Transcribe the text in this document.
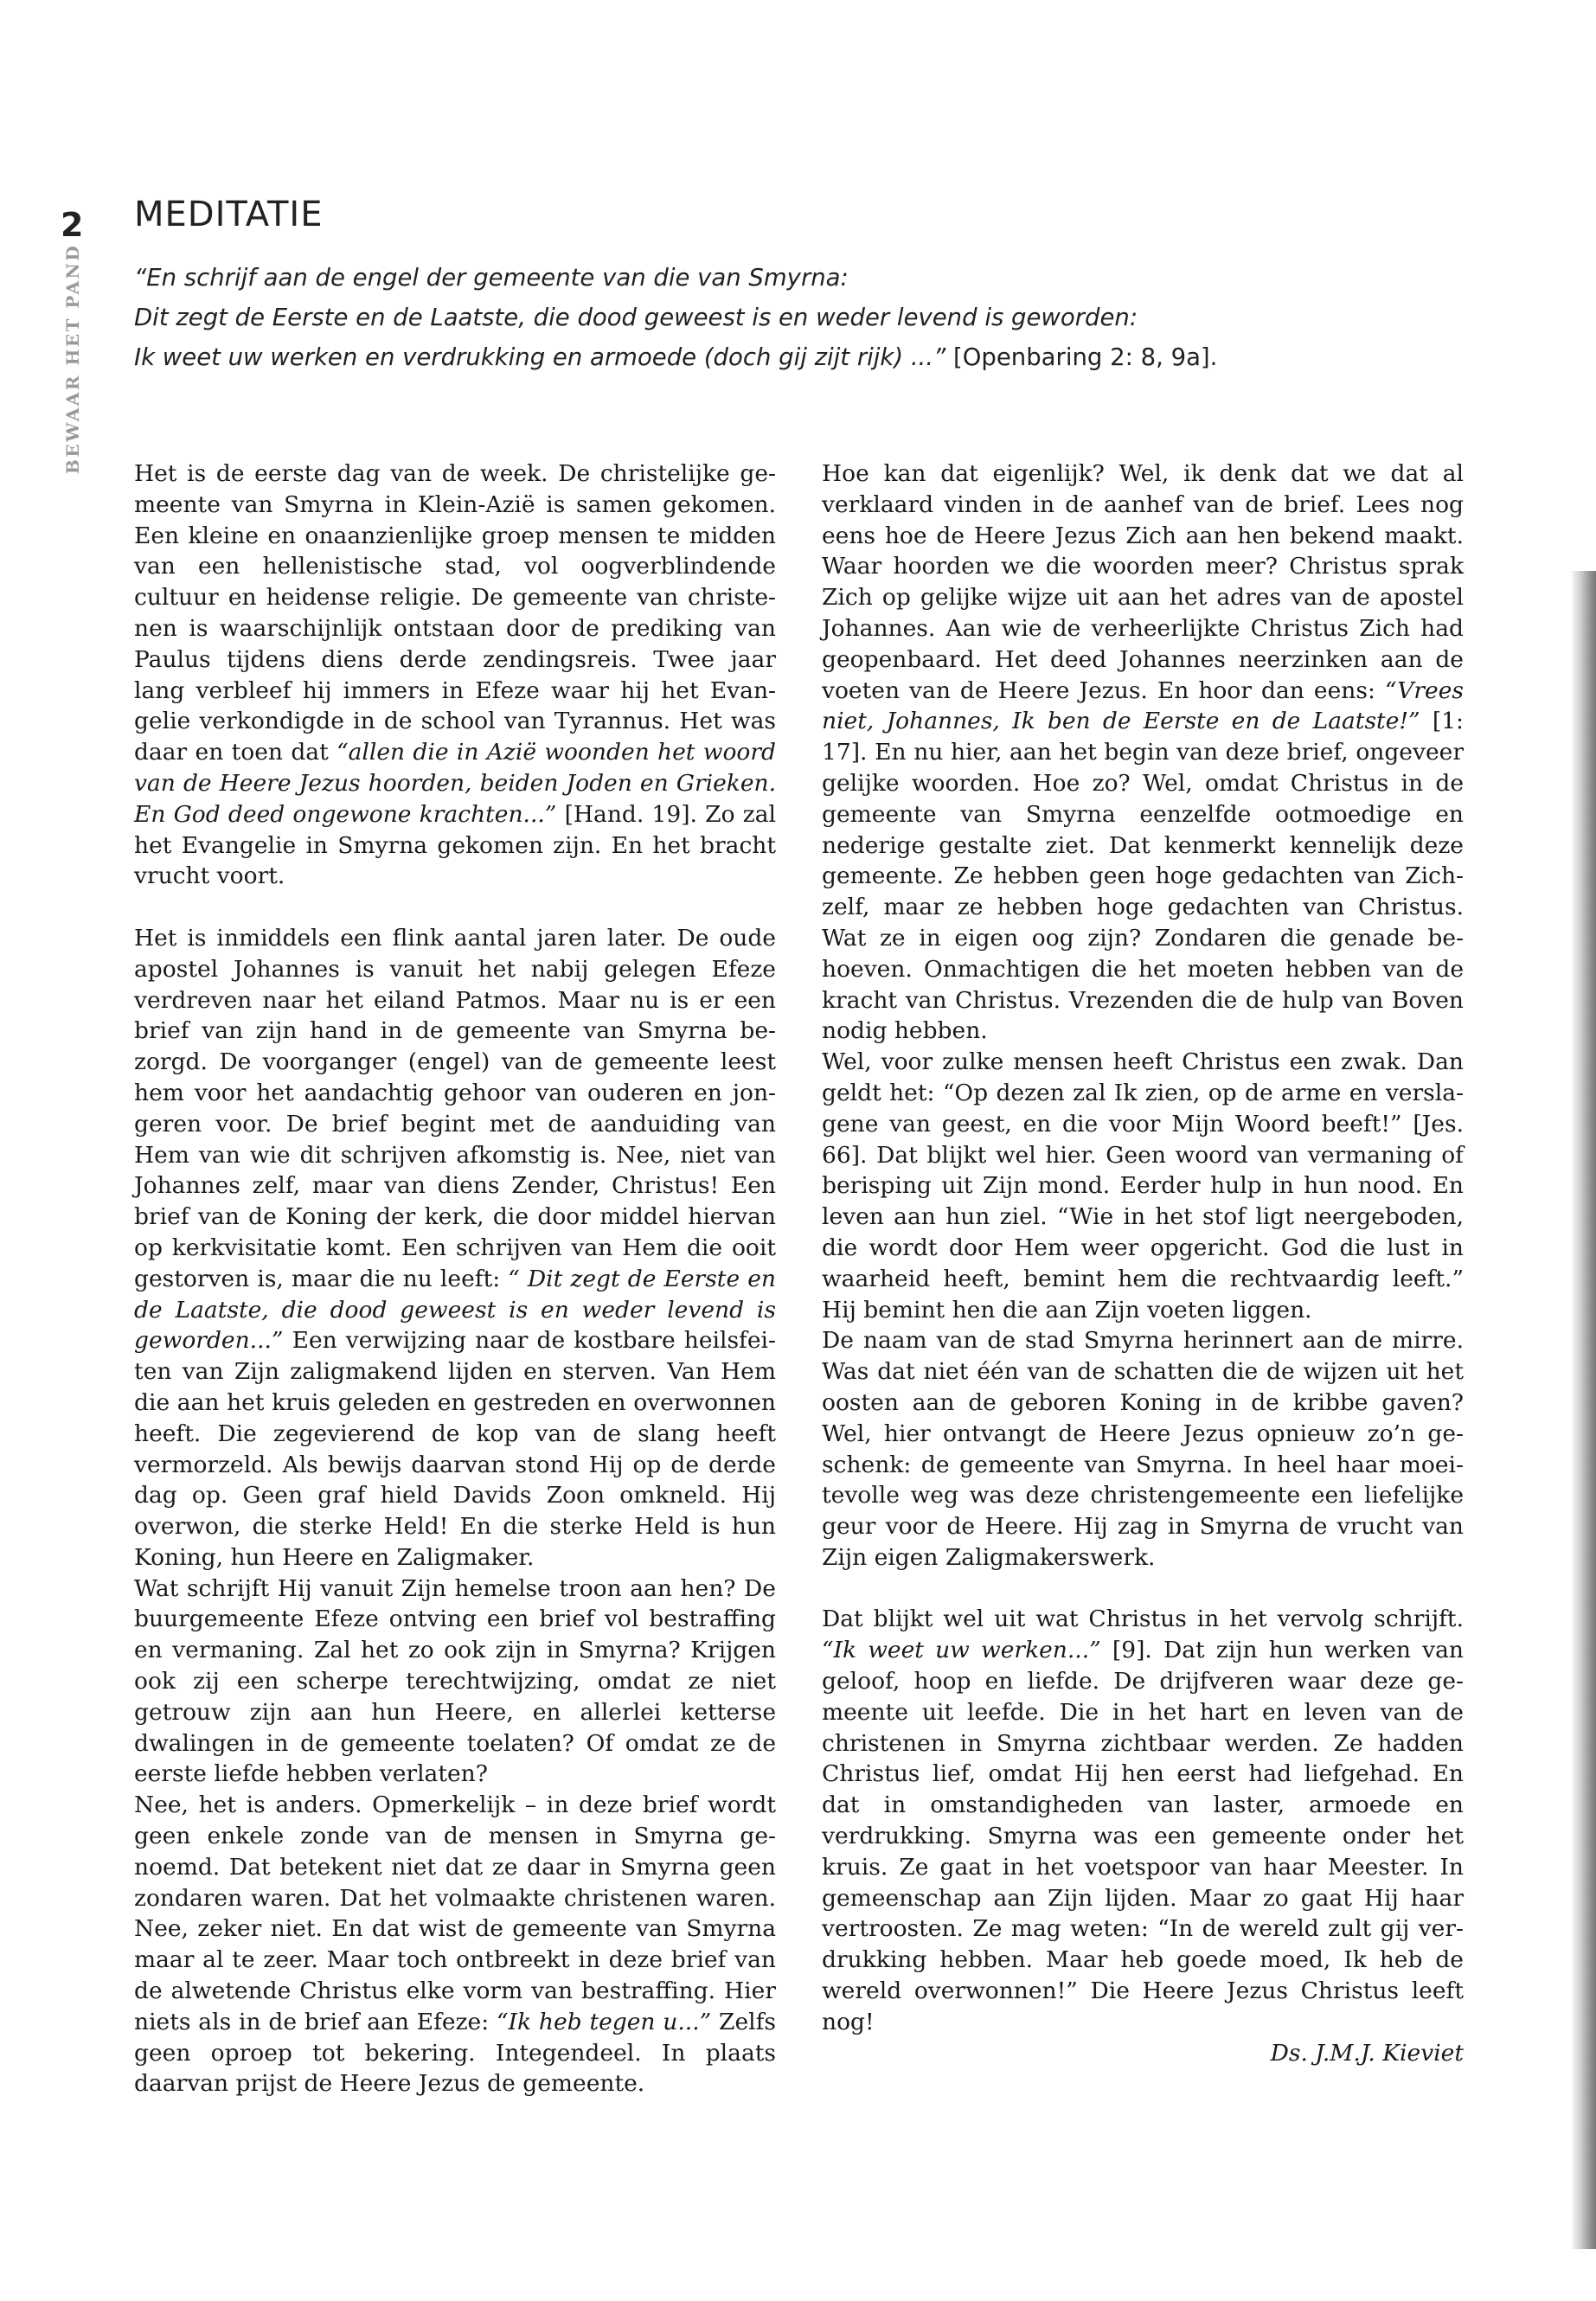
2
BEWAAR HET PAND
MEDITATIE
“En schrijf aan de engel der gemeente van die van Smyrna:
Dit zegt de Eerste en de Laatste, die dood geweest is en weder levend is geworden:
Ik weet uw werken en verdrukking en armoede (doch gij zijt rijk) ...” [Openbaring 2: 8, 9a].

Het is de eerste dag van de week. De christelijke gemeente van Smyrna in Klein-Azië is samen gekomen. Een kleine en onaanzienlijke groep mensen te midden van een hellenistische stad, vol oogverblindende cultuur en heidense religie. De gemeente van christenen is waarschijnlijk ontstaan door de prediking van Paulus tijdens diens derde zendingsreis. Twee jaar lang verbleef hij immers in Efeze waar hij het Evangelie verkondigde in de school van Tyrannus. Het was daar en toen dat “allen die in Azië woonden het woord van de Heere Jezus hoorden, beiden Joden en Grieken. En God deed ongewone krachten...” [Hand. 19]. Zo zal het Evangelie in Smyrna gekomen zijn. En het bracht vrucht voort.

Het is inmiddels een flink aantal jaren later. De oude apostel Johannes is vanuit het nabij gelegen Efeze verdreven naar het eiland Patmos. Maar nu is er een brief van zijn hand in de gemeente van Smyrna bezorgd. De voorganger (engel) van de gemeente leest hem voor het aandachtig gehoor van ouderen en jongeren voor. De brief begint met de aanduiding van Hem van wie dit schrijven afkomstig is. Nee, niet van Johannes zelf, maar van diens Zender, Christus! Een brief van de Koning der kerk, die door middel hiervan op kerkvisitatie komt. Een schrijven van Hem die ooit gestorven is, maar die nu leeft: “ Dit zegt de Eerste en de Laatste, die dood geweest is en weder levend is geworden...” Een verwijzing naar de kostbare heilsfeiten van Zijn zaligmakend lijden en sterven. Van Hem die aan het kruis geleden en gestreden en overwonnen heeft. Die zegevierend de kop van de slang heeft vermorzeld. Als bewijs daarvan stond Hij op de derde dag op. Geen graf hield Davids Zoon omkneld. Hij overwon, die sterke Held! En die sterke Held is hun Koning, hun Heere en Zaligmaker.

Wat schrijft Hij vanuit Zijn hemelse troon aan hen? De buurgemeente Efeze ontving een brief vol bestraffing en vermaning. Zal het zo ook zijn in Smyrna? Krijgen ook zij een scherpe terechtwijzing, omdat ze niet getrouw zijn aan hun Heere, en allerlei ketterse dwalingen in de gemeente toelaten? Of omdat ze de eerste liefde hebben verlaten?

Nee, het is anders. Opmerkelijk – in deze brief wordt geen enkele zonde van de mensen in Smyrna genoemd. Dat betekent niet dat ze daar in Smyrna geen zondaren waren. Dat het volmaakte christenen waren. Nee, zeker niet. En dat wist de gemeente van Smyrna maar al te zeer. Maar toch ontbreekt in deze brief van de alwetende Christus elke vorm van bestraffing. Hier niets als in de brief aan Efeze: “Ik heb tegen u...” Zelfs geen oproep tot bekering. Integendeel. In plaats daarvan prijst de Heere Jezus de gemeente.

Hoe kan dat eigenlijk? Wel, ik denk dat we dat al verklaard vinden in de aanhef van de brief. Lees nog eens hoe de Heere Jezus Zich aan hen bekend maakt. Waar hoorden we die woorden meer? Christus sprak Zich op gelijke wijze uit aan het adres van de apostel Johannes. Aan wie de verheerlijkte Christus Zich had geopenbaard. Het deed Johannes neerzinken aan de voeten van de Heere Jezus. En hoor dan eens: “Vrees niet, Johannes, Ik ben de Eerste en de Laatste!” [1: 17]. En nu hier, aan het begin van deze brief, ongeveer gelijke woorden. Hoe zo? Wel, omdat Christus in de gemeente van Smyrna eenzelfde ootmoedige en nederige gestalte ziet. Dat kenmerkt kennelijk deze gemeente. Ze hebben geen hoge gedachten van Zichzelf, maar ze hebben hoge gedachten van Christus. Wat ze in eigen oog zijn? Zondaren die genade behoeven. Onmachtigen die het moeten hebben van de kracht van Christus. Vrezenden die de hulp van Boven nodig hebben.

Wel, voor zulke mensen heeft Christus een zwak. Dan geldt het: “Op dezen zal Ik zien, op de arme en verslagene van geest, en die voor Mijn Woord beeft!” [Jes. 66]. Dat blijkt wel hier. Geen woord van vermaning of berisping uit Zijn mond. Eerder hulp in hun nood. En leven aan hun ziel. “Wie in het stof ligt neergeboden, die wordt door Hem weer opgericht. God die lust in waarheid heeft, bemint hem die rechtvaardig leeft.” Hij bemint hen die aan Zijn voeten liggen.

De naam van de stad Smyrna herinnert aan de mirre. Was dat niet één van de schatten die de wijzen uit het oosten aan de geboren Koning in de kribbe gaven? Wel, hier ontvangt de Heere Jezus opnieuw zo’n geschenk: de gemeente van Smyrna. In heel haar moeitevolle weg was deze christengemeente een liefelijke geur voor de Heere. Hij zag in Smyrna de vrucht van Zijn eigen Zaligmakerswerk.

Dat blijkt wel uit wat Christus in het vervolg schrijft. “Ik weet uw werken...” [9]. Dat zijn hun werken van geloof, hoop en liefde. De drijfveren waar deze gemeente uit leefde. Die in het hart en leven van de christenen in Smyrna zichtbaar werden. Ze hadden Christus lief, omdat Hij hen eerst had liefgehad. En dat in omstandigheden van laster, armoede en verdrukking. Smyrna was een gemeente onder het kruis. Ze gaat in het voetspoor van haar Meester. In gemeenschap aan Zijn lijden. Maar zo gaat Hij haar vertroosten. Ze mag weten: “In de wereld zult gij verdrukking hebben. Maar heb goede moed, Ik heb de wereld overwonnen!” Die Heere Jezus Christus leeft nog!

Ds. J.M.J. Kieviet
